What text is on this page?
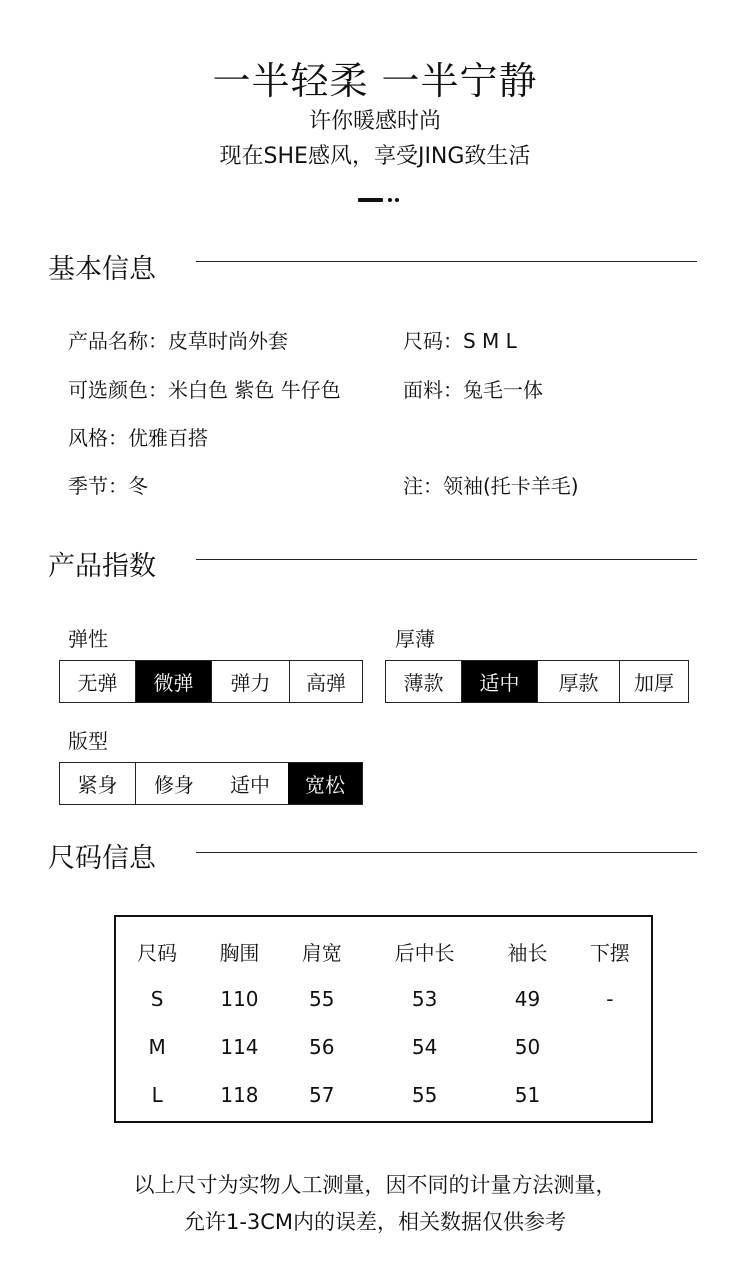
一半轻柔 一半宁静
许你暖感时尚
现在SHE感风，享受JING致生活
基本信息
产品名称：皮草时尚外套	尺码：S M L
可选颜色：米白色 紫色 牛仔色	面料：兔毛一体
风格：优雅百搭
季节：冬	注：领袖(托卡羊毛)
产品指数
弹性
无弹	微弹	弹力	高弹
厚薄
薄款	适中	厚款	加厚
版型
紧身	修身	适中	宽松
尺码信息
尺码	胸围	肩宽	后中长	袖长	下摆
S	110	55	53	49	-
M	114	56	54	50	
L	118	57	55	51	
以上尺寸为实物人工测量，因不同的计量方法测量，
允许1-3CM内的误差，相关数据仅供参考
